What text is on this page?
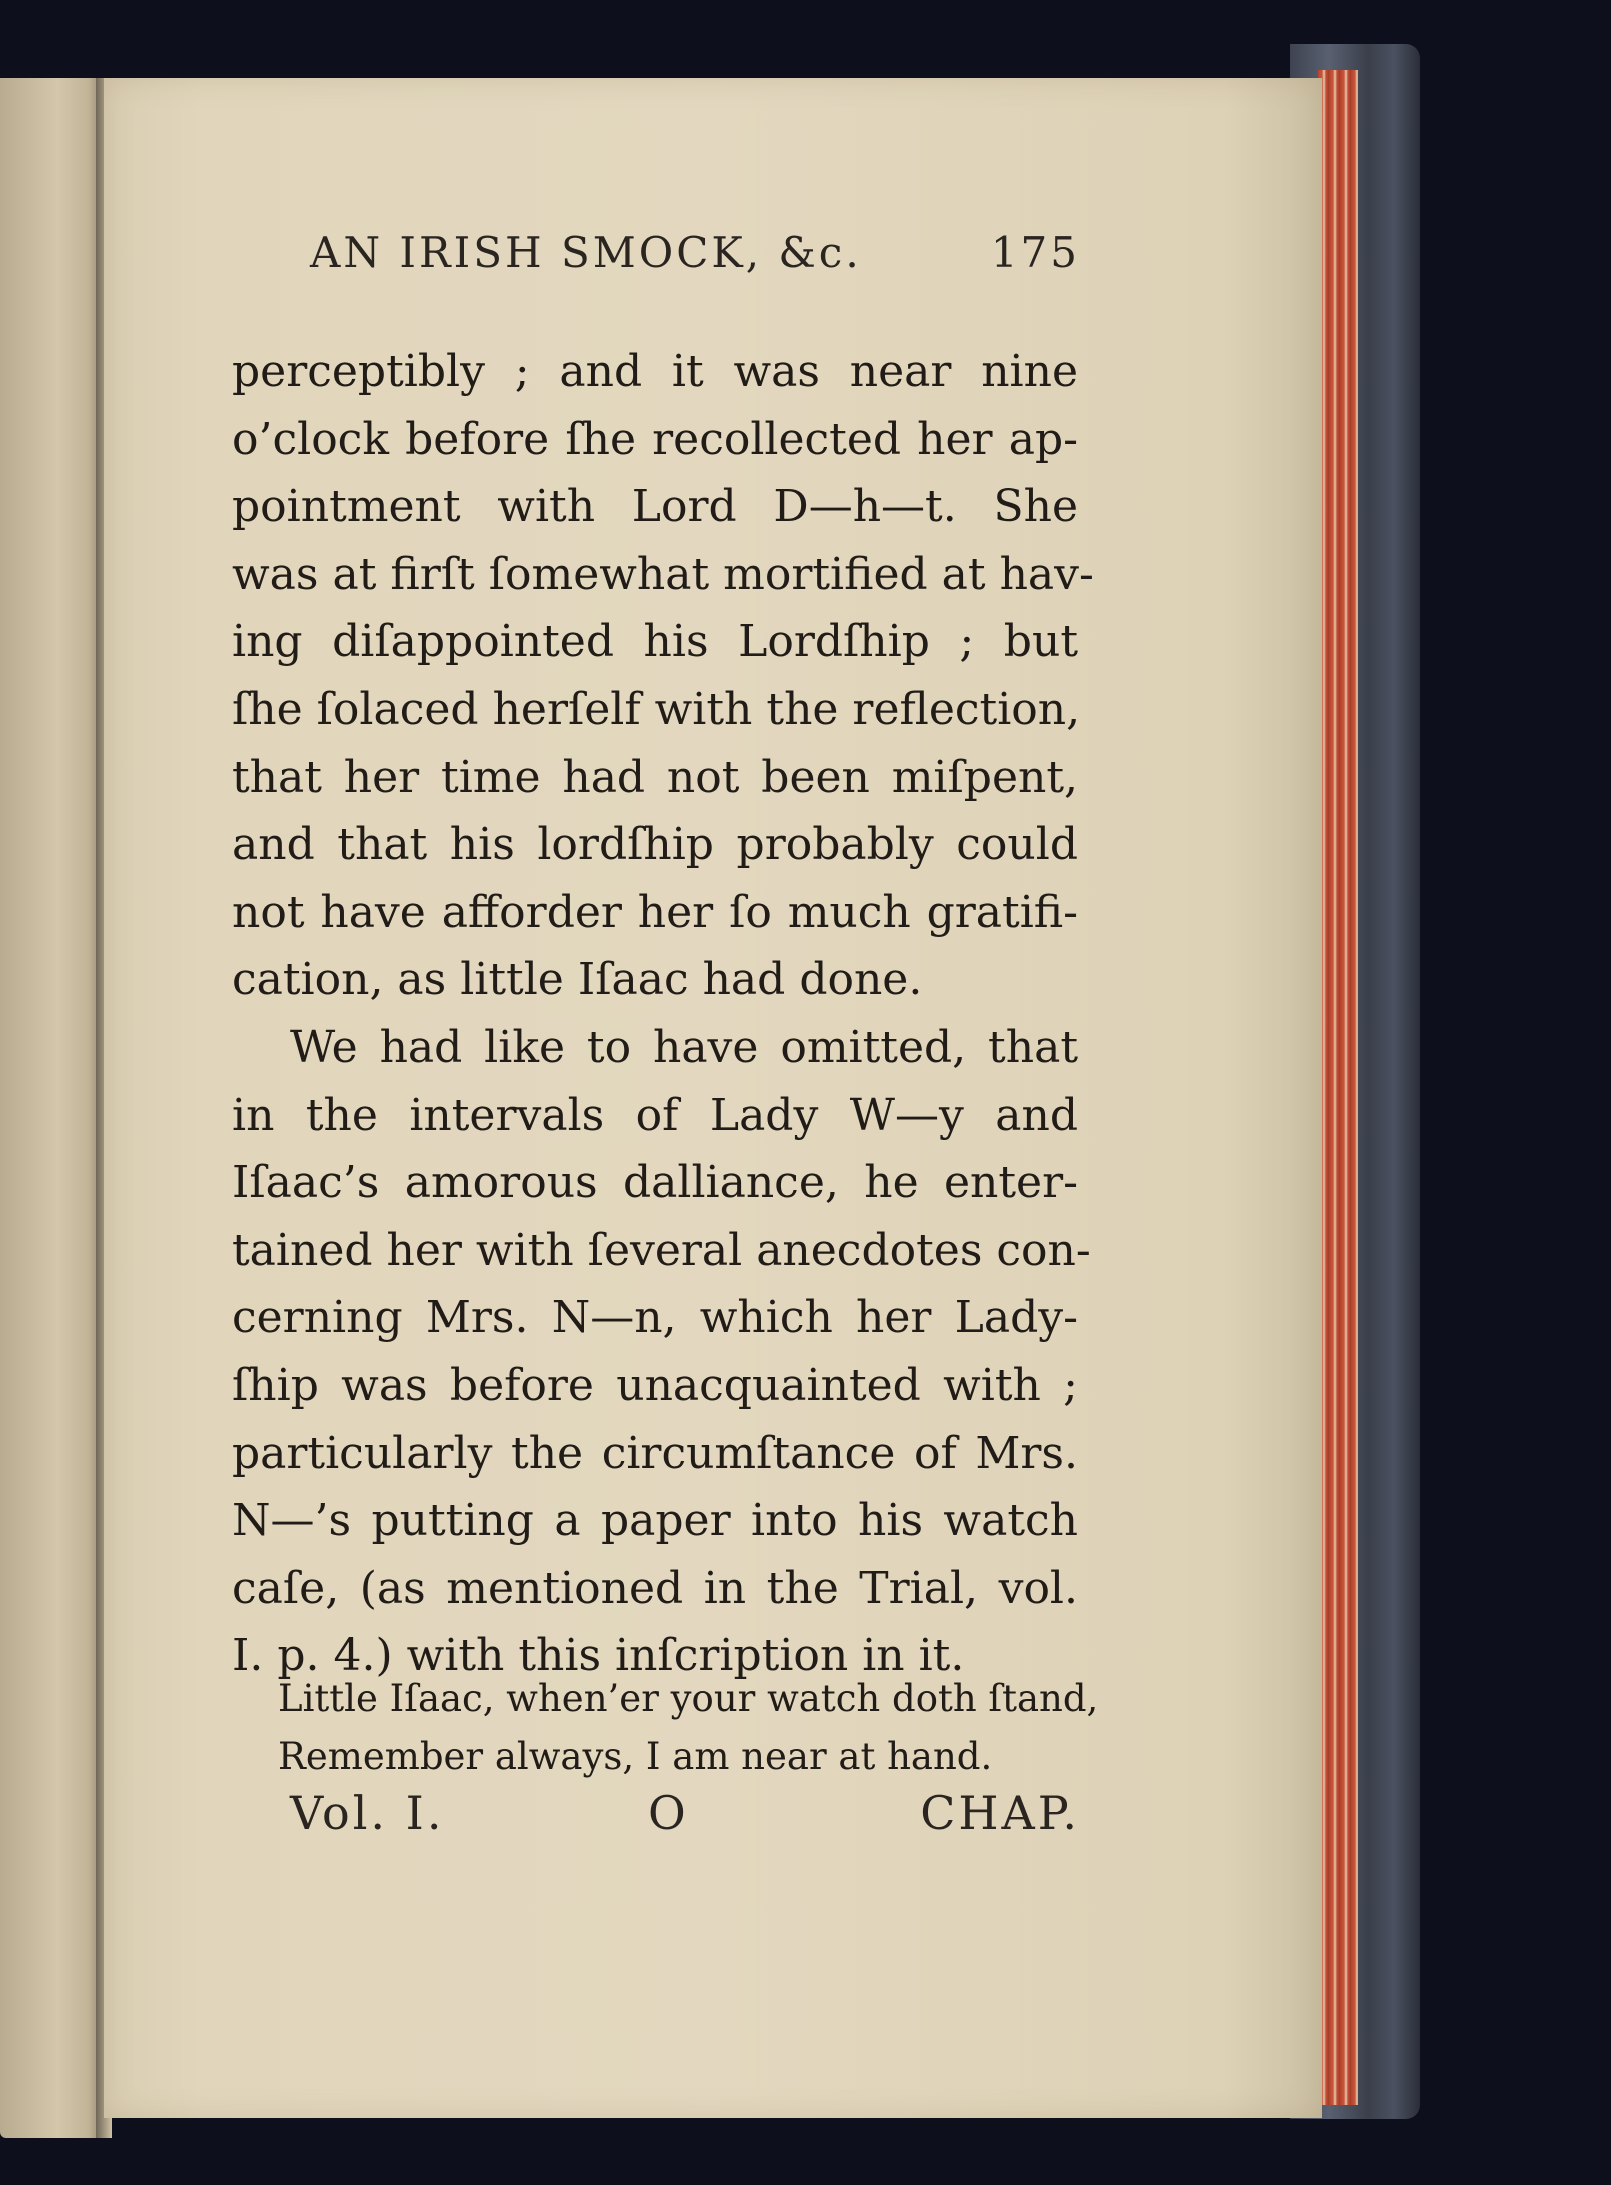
AN IRISH SMOCK, &c.	175
perceptibly ; and it was near nine
o’clock before ſhe recollected her ap-
pointment with Lord D—h—t. She
was at firſt ſomewhat mortified at hav-
ing diſappointed his Lordſhip ; but
ſhe ſolaced herſelf with the reflection,
that her time had not been miſpent,
and that his lordſhip probably could
not have afforder her ſo much gratifi-
cation, as little Iſaac had done.
We had like to have omitted, that
in the intervals of Lady W—y and
Iſaac’s amorous dalliance, he enter-
tained her with ſeveral anecdotes con-
cerning Mrs. N—n, which her Lady-
ſhip was before unacquainted with ;
particularly the circumſtance of Mrs.
N—’s putting a paper into his watch
caſe, (as mentioned in the Trial, vol.
I. p. 4.) with this inſcription in it.
Little Iſaac, when’er your watch doth ſtand,
Remember always, I am near at hand.
Vol. I.	O	CHAP.
